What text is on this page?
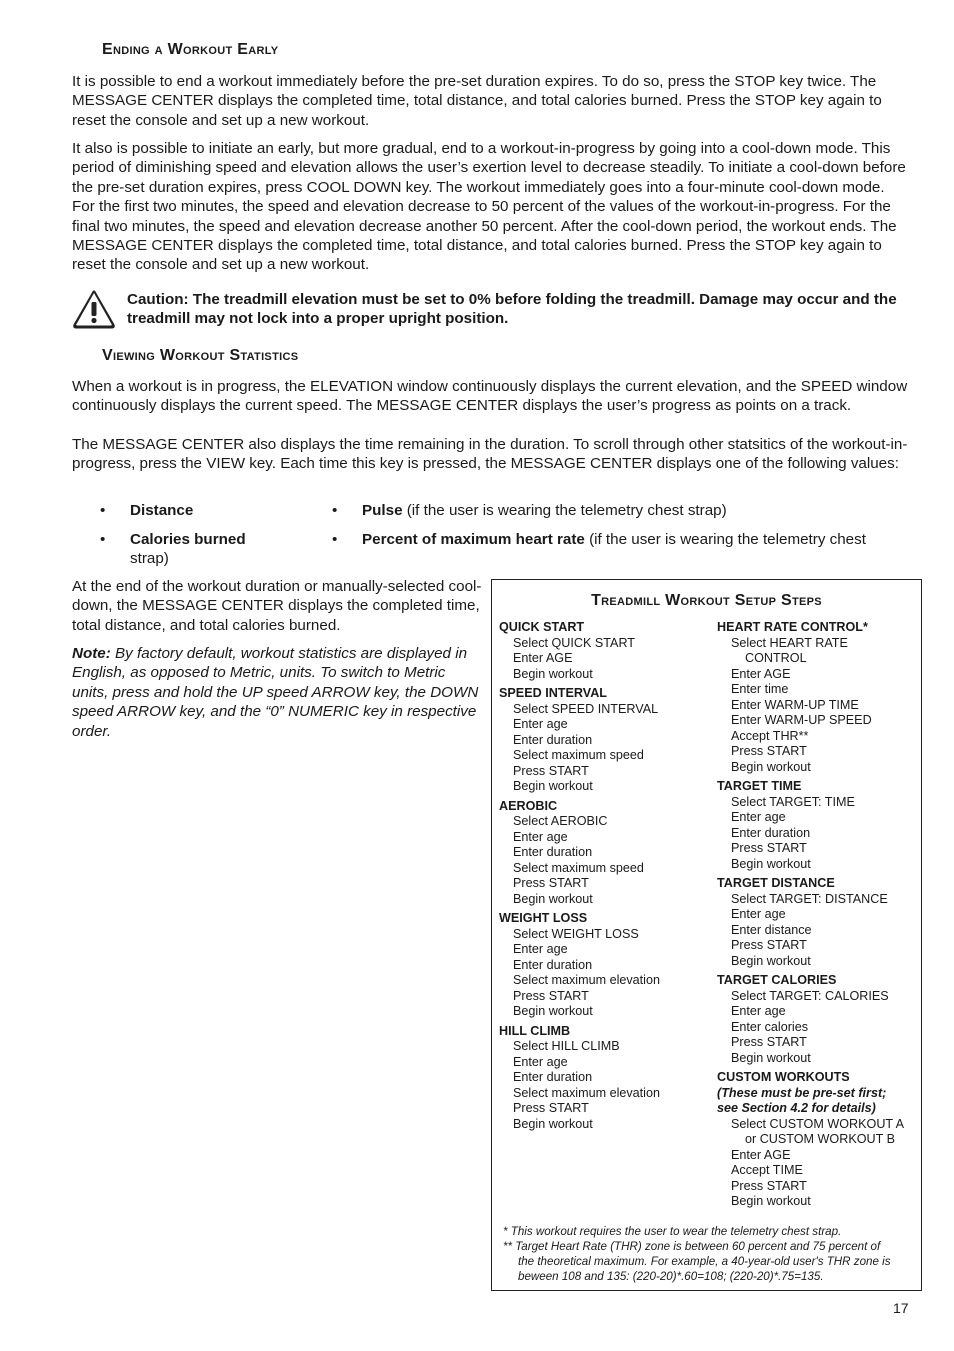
Ending a Workout Early
It is possible to end a workout immediately before the pre-set duration expires. To do so, press the STOP key twice. The MESSAGE CENTER displays the completed time, total distance, and total calories burned. Press the STOP key again to reset the console and set up a new workout.
It also is possible to initiate an early, but more gradual, end to a workout-in-progress by going into a cool-down mode. This period of diminishing speed and elevation allows the user’s exertion level to decrease steadily. To initiate a cool-down before the pre-set duration expires, press COOL DOWN key. The workout immediately goes into a four-minute cool-down mode. For the first two minutes, the speed and elevation decrease to 50 percent of the values of the workout-in-progress. For the final two minutes, the speed and elevation decrease another 50 percent. After the cool-down period, the workout ends. The MESSAGE CENTER displays the completed time, total distance, and total calories burned. Press the STOP key again to reset the console and set up a new workout.
Caution: The treadmill elevation must be set to 0% before folding the treadmill. Damage may occur and the treadmill may not lock into a proper upright position.
Viewing Workout Statistics
When a workout is in progress, the ELEVATION window continuously displays the current elevation, and the SPEED window continuously displays the current speed. The MESSAGE CENTER displays the user’s progress as points on a track.
The MESSAGE CENTER also displays the time remaining in the duration. To scroll through other statsitics of the workout-in-progress, press the VIEW key. Each time this key is pressed, the MESSAGE CENTER displays one of the following values:
• Distance	• Pulse (if the user is wearing the telemetry chest strap)
• Calories burned	• Percent of maximum heart rate (if the user is wearing the telemetry chest
strap)
At the end of the workout duration or manually-selected cool-down, the MESSAGE CENTER displays the completed time, total distance, and total calories burned.
Note: By factory default, workout statistics are displayed in English, as opposed to Metric, units. To switch to Metric units, press and hold the UP speed ARROW key, the DOWN speed ARROW key, and the “0” NUMERIC key in respective order.
Treadmill Workout Setup Steps
QUICK START
Select QUICK START
Enter AGE
Begin workout
SPEED INTERVAL
Select SPEED INTERVAL
Enter age
Enter duration
Select maximum speed
Press START
Begin workout
AEROBIC
Select AEROBIC
Enter age
Enter duration
Select maximum speed
Press START
Begin workout
WEIGHT LOSS
Select WEIGHT LOSS
Enter age
Enter duration
Select maximum elevation
Press START
Begin workout
HILL CLIMB
Select HILL CLIMB
Enter age
Enter duration
Select maximum elevation
Press START
Begin workout
HEART RATE CONTROL*
Select HEART RATE
CONTROL
Enter AGE
Enter time
Enter WARM-UP TIME
Enter WARM-UP SPEED
Accept THR**
Press START
Begin workout
TARGET TIME
Select TARGET: TIME
Enter age
Enter duration
Press START
Begin workout
TARGET DISTANCE
Select TARGET: DISTANCE
Enter age
Enter distance
Press START
Begin workout
TARGET CALORIES
Select TARGET: CALORIES
Enter age
Enter calories
Press START
Begin workout
CUSTOM WORKOUTS
(These must be pre-set first;
see Section 4.2 for details)
Select CUSTOM WORKOUT A
or CUSTOM WORKOUT B
Enter AGE
Accept TIME
Press START
Begin workout
* This workout requires the user to wear the telemetry chest strap.
** Target Heart Rate (THR) zone is between 60 percent and 75 percent of
the theoretical maximum. For example, a 40-year-old user's THR zone is
beween 108 and 135: (220-20)*.60=108; (220-20)*.75=135.
17
